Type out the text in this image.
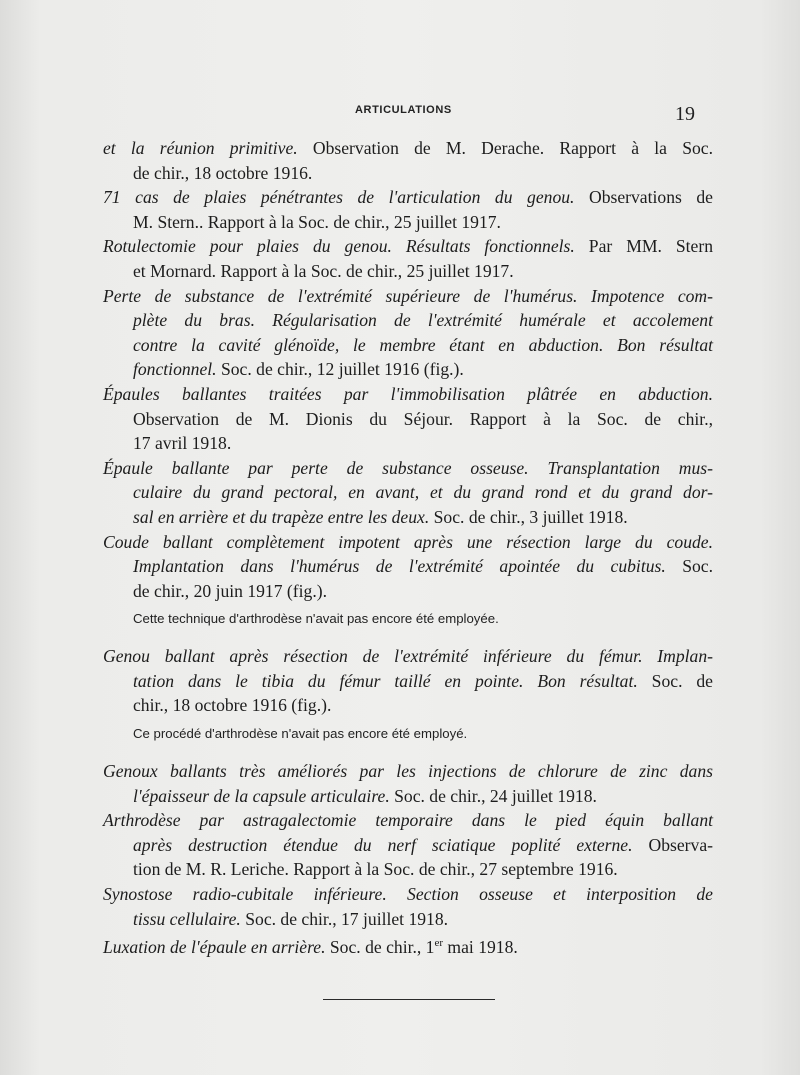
ARTICULATIONS	19
et la réunion primitive. Observation de M. Derache. Rapport à la Soc.
de chir., 18 octobre 1916.
71 cas de plaies pénétrantes de l'articulation du genou. Observations de
M. Stern.. Rapport à la Soc. de chir., 25 juillet 1917.
Rotulectomie pour plaies du genou. Résultats fonctionnels. Par MM. Stern
et Mornard. Rapport à la Soc. de chir., 25 juillet 1917.
Perte de substance de l'extrémité supérieure de l'humérus. Impotence com-
plète du bras. Régularisation de l'extrémité humérale et accolement
contre la cavité glénoïde, le membre étant en abduction. Bon résultat
fonctionnel. Soc. de chir., 12 juillet 1916 (fig.).
Épaules ballantes traitées par l'immobilisation plâtrée en abduction.
Observation de M. Dionis du Séjour. Rapport à la Soc. de chir.,
17 avril 1918.
Épaule ballante par perte de substance osseuse. Transplantation mus-
culaire du grand pectoral, en avant, et du grand rond et du grand dor-
sal en arrière et du trapèze entre les deux. Soc. de chir., 3 juillet 1918.
Coude ballant complètement impotent après une résection large du coude.
Implantation dans l'humérus de l'extrémité apointée du cubitus. Soc.
de chir., 20 juin 1917 (fig.).
Cette technique d'arthrodèse n'avait pas encore été employée.
Genou ballant après résection de l'extrémité inférieure du fémur. Implan-
tation dans le tibia du fémur taillé en pointe. Bon résultat. Soc. de
chir., 18 octobre 1916 (fig.).
Ce procédé d'arthrodèse n'avait pas encore été employé.
Genoux ballants très améliorés par les injections de chlorure de zinc dans
l'épaisseur de la capsule articulaire. Soc. de chir., 24 juillet 1918.
Arthrodèse par astragalectomie temporaire dans le pied équin ballant
après destruction étendue du nerf sciatique poplité externe. Observa-
tion de M. R. Leriche. Rapport à la Soc. de chir., 27 septembre 1916.
Synostose radio-cubitale inférieure. Section osseuse et interposition de
tissu cellulaire. Soc. de chir., 17 juillet 1918.
Luxation de l'épaule en arrière. Soc. de chir., 1er mai 1918.
